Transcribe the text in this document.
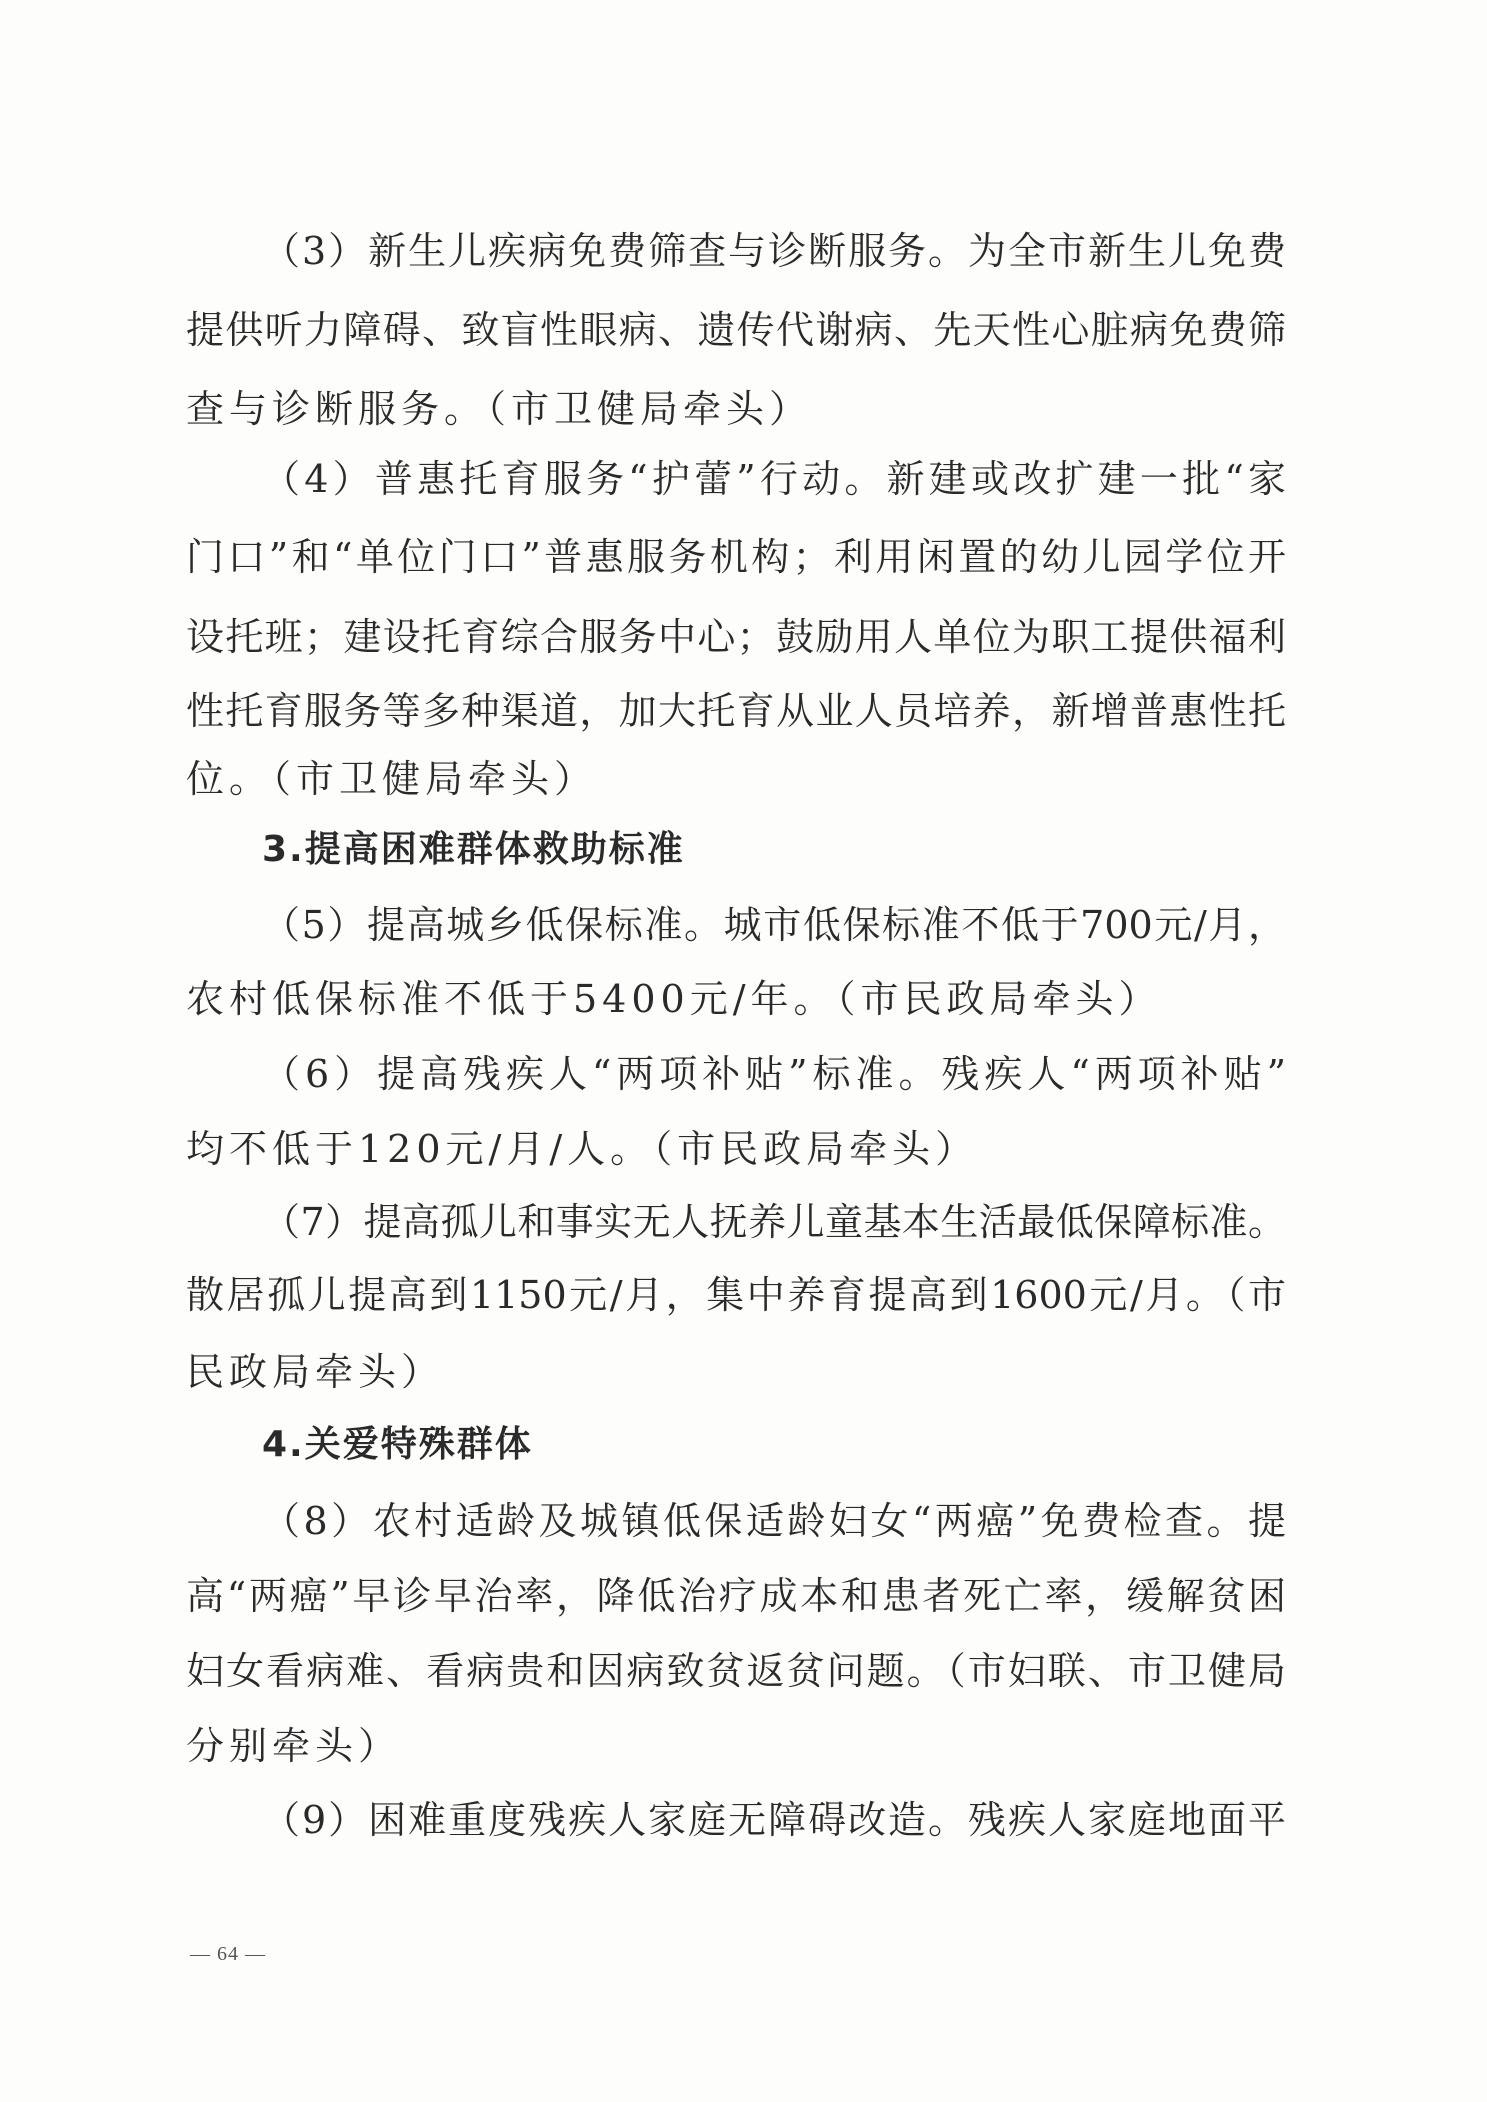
（3）新生儿疾病免费筛查与诊断服务。为全市新生儿免费
提供听力障碍、致盲性眼病、遗传代谢病、先天性心脏病免费筛
查与诊断服务。（市卫健局牵头）
（4）普惠托育服务“护蕾”行动。新建或改扩建一批“家
门口”和“单位门口”普惠服务机构；利用闲置的幼儿园学位开
设托班；建设托育综合服务中心；鼓励用人单位为职工提供福利
性托育服务等多种渠道，加大托育从业人员培养，新增普惠性托
位。（市卫健局牵头）
3.提高困难群体救助标准
（5）提高城乡低保标准。城市低保标准不低于700元/月，
农村低保标准不低于5400元/年。（市民政局牵头）
（6）提高残疾人“两项补贴”标准。残疾人“两项补贴”
均不低于120元/月/人。（市民政局牵头）
（7）提高孤儿和事实无人抚养儿童基本生活最低保障标准。
散居孤儿提高到1150元/月，集中养育提高到1600元/月。（市
民政局牵头）
4.关爱特殊群体
（8）农村适龄及城镇低保适龄妇女“两癌”免费检查。提
高“两癌”早诊早治率，降低治疗成本和患者死亡率，缓解贫困
妇女看病难、看病贵和因病致贫返贫问题。（市妇联、市卫健局
分别牵头）
（9）困难重度残疾人家庭无障碍改造。残疾人家庭地面平
— 64 —
